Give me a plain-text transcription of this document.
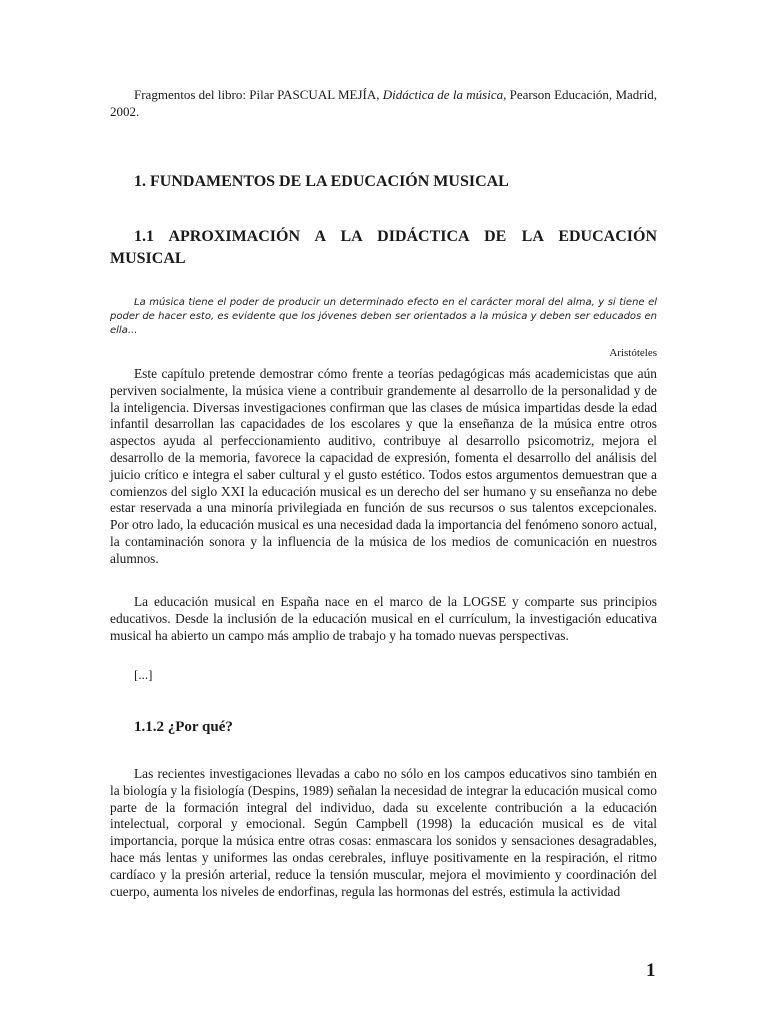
Fragmentos del libro: Pilar PASCUAL MEJÍA, Didáctica de la música, Pearson Educación, Madrid, 2002.
1. FUNDAMENTOS DE LA EDUCACIÓN MUSICAL
1.1 APROXIMACIÓN A LA DIDÁCTICA DE LA EDUCACIÓN MUSICAL
La música tiene el poder de producir un determinado efecto en el carácter moral del alma, y si tiene el poder de hacer esto, es evidente que los jóvenes deben ser orientados a la música y deben ser educados en ella...
Aristóteles

Este capítulo pretende demostrar cómo frente a teorías pedagógicas más academicistas que aún perviven socialmente, la música viene a contribuir grandemente al desarrollo de la personalidad y de la inteligencia. Diversas investigaciones confirman que las clases de música impartidas desde la edad infantil desarrollan las capacidades de los escolares y que la enseñanza de la música entre otros aspectos ayuda al perfeccionamiento auditivo, contribuye al desarrollo psicomotriz, mejora el desarrollo de la memoria, favorece la capacidad de expresión, fomenta el desarrollo del análisis del juicio crítico e integra el saber cultural y el gusto estético. Todos estos argumentos demuestran que a comienzos del siglo XXI la educación musical es un derecho del ser humano y su enseñanza no debe estar reservada a una minoría privilegiada en función de sus recursos o sus talentos excepcionales. Por otro lado, la educación musical es una necesidad dada la importancia del fenómeno sonoro actual, la contaminación sonora y la influencia de la música de los medios de comunicación en nuestros alumnos.

La educación musical en España nace en el marco de la LOGSE y comparte sus principios educativos. Desde la inclusión de la educación musical en el currículum, la investigación educativa musical ha abierto un campo más amplio de trabajo y ha tomado nuevas perspectivas.

[...]
1.1.2 ¿Por qué?

Las recientes investigaciones llevadas a cabo no sólo en los campos educativos sino también en la biología y la fisiología (Despins, 1989) señalan la necesidad de integrar la educación musical como parte de la formación integral del individuo, dada su excelente contribución a la educación intelectual, corporal y emocional. Según Campbell (1998) la educación musical es de vital importancia, porque la música entre otras cosas: enmascara los sonidos y sensaciones desagradables, hace más lentas y uniformes las ondas cerebrales, influye positivamente en la respiración, el ritmo cardíaco y la presión arterial, reduce la tensión muscular, mejora el movimiento y coordinación del cuerpo, aumenta los niveles de endorfinas, regula las hormonas del estrés, estimula la actividad

1
